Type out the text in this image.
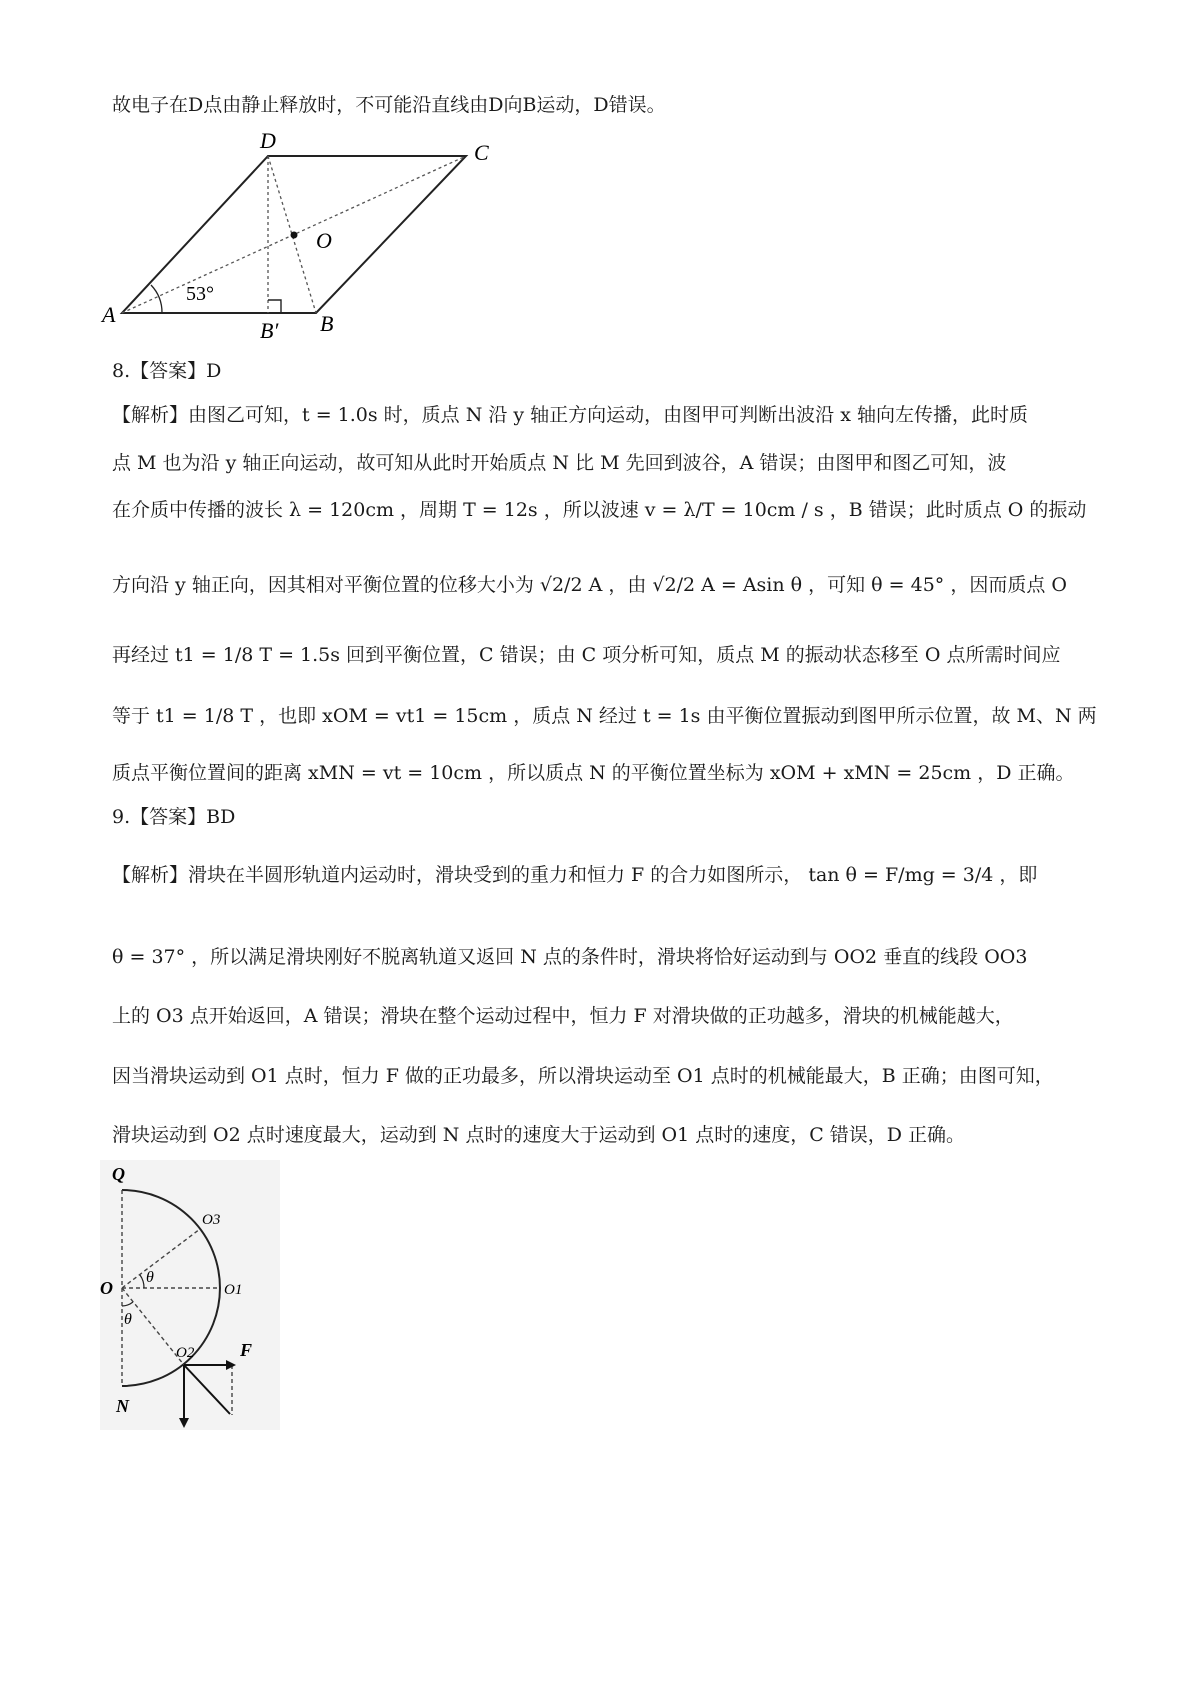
故电子在D点由静止释放时，不可能沿直线由D向B运动，D错误。
A	B
C
D
O
B′
53°
8.【答案】D
【解析】由图乙可知，t = 1.0s 时，质点 N 沿 y 轴正方向运动，由图甲可判断出波沿 x 轴向左传播，此时质
点 M 也为沿 y 轴正向运动，故可知从此时开始质点 N 比 M 先回到波谷，A 错误；由图甲和图乙可知，波
在介质中传播的波长 λ = 120cm ，周期 T = 12s ，所以波速 v = λ/T = 10cm / s ，B 错误；此时质点 O 的振动
方向沿 y 轴正向，因其相对平衡位置的位移大小为 √2/2 A ，由 √2/2 A = Asin θ ，可知 θ = 45° ，因而质点 O
再经过 t1 = 1/8 T = 1.5s 回到平衡位置，C 错误；由 C 项分析可知，质点 M 的振动状态移至 O 点所需时间应
等于 t1 = 1/8 T ，也即 xOM = vt1 = 15cm ，质点 N 经过 t = 1s 由平衡位置振动到图甲所示位置，故 M、N 两
质点平衡位置间的距离 xMN = vt = 10cm ，所以质点 N 的平衡位置坐标为 xOM + xMN = 25cm ，D 正确。
9.【答案】BD
【解析】滑块在半圆形轨道内运动时，滑块受到的重力和恒力 F 的合力如图所示， tan θ = F/mg = 3/4 ，即
θ = 37° ，所以满足滑块刚好不脱离轨道又返回 N 点的条件时，滑块将恰好运动到与 OO2 垂直的线段 OO3
上的 O3 点开始返回，A 错误；滑块在整个运动过程中，恒力 F 对滑块做的正功越多，滑块的机械能越大，
因当滑块运动到 O1 点时，恒力 F 做的正功最多，所以滑块运动至 O1 点时的机械能最大，B 正确；由图可知，
滑块运动到 O2 点时速度最大，运动到 N 点时的速度大于运动到 O1 点时的速度，C 错误，D 正确。
Q
O	O1
O2
O3
N
F
θ
θ
